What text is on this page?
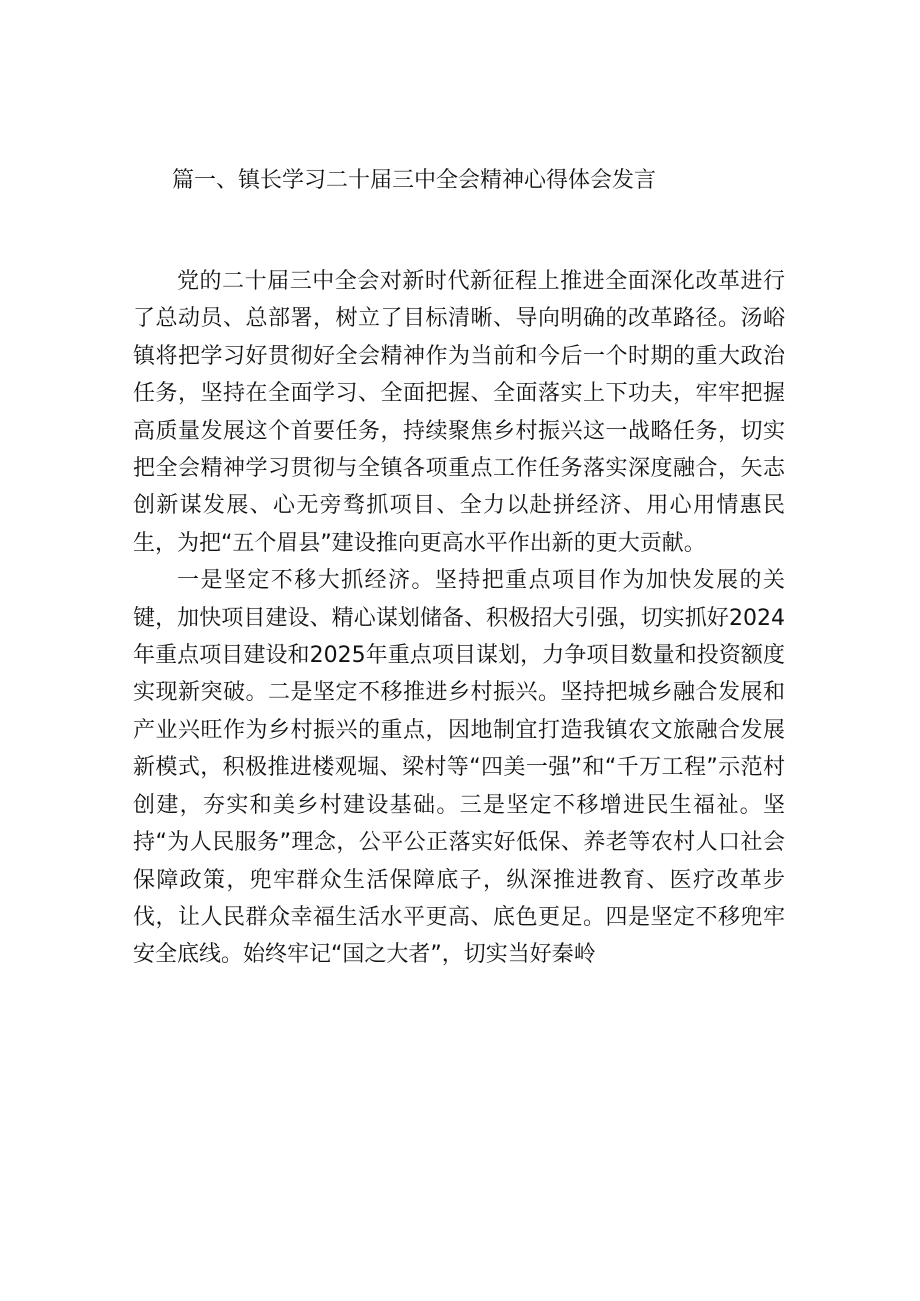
篇一、镇长学习二十届三中全会精神心得体会发言

党的二十届三中全会对新时代新征程上推进全面深化改革进行了总动员、总部署，树立了目标清晰、导向明确的改革路径。汤峪镇将把学习好贯彻好全会精神作为当前和今后一个时期的重大政治任务，坚持在全面学习、全面把握、全面落实上下功夫，牢牢把握高质量发展这个首要任务，持续聚焦乡村振兴这一战略任务，切实把全会精神学习贯彻与全镇各项重点工作任务落实深度融合，矢志创新谋发展、心无旁骛抓项目、全力以赴拼经济、用心用情惠民生，为把“五个眉县”建设推向更高水平作出新的更大贡献。

一是坚定不移大抓经济。坚持把重点项目作为加快发展的关键，加快项目建设、精心谋划储备、积极招大引强，切实抓好2024年重点项目建设和2025年重点项目谋划，力争项目数量和投资额度实现新突破。二是坚定不移推进乡村振兴。坚持把城乡融合发展和产业兴旺作为乡村振兴的重点，因地制宜打造我镇农文旅融合发展新模式，积极推进楼观堀、梁村等“四美一强”和“千万工程”示范村创建，夯实和美乡村建设基础。三是坚定不移增进民生福祉。坚持“为人民服务”理念，公平公正落实好低保、养老等农村人口社会保障政策，兜牢群众生活保障底子，纵深推进教育、医疗改革步伐，让人民群众幸福生活水平更高、底色更足。四是坚定不移兜牢安全底线。始终牢记“国之大者”，切实当好秦岭
